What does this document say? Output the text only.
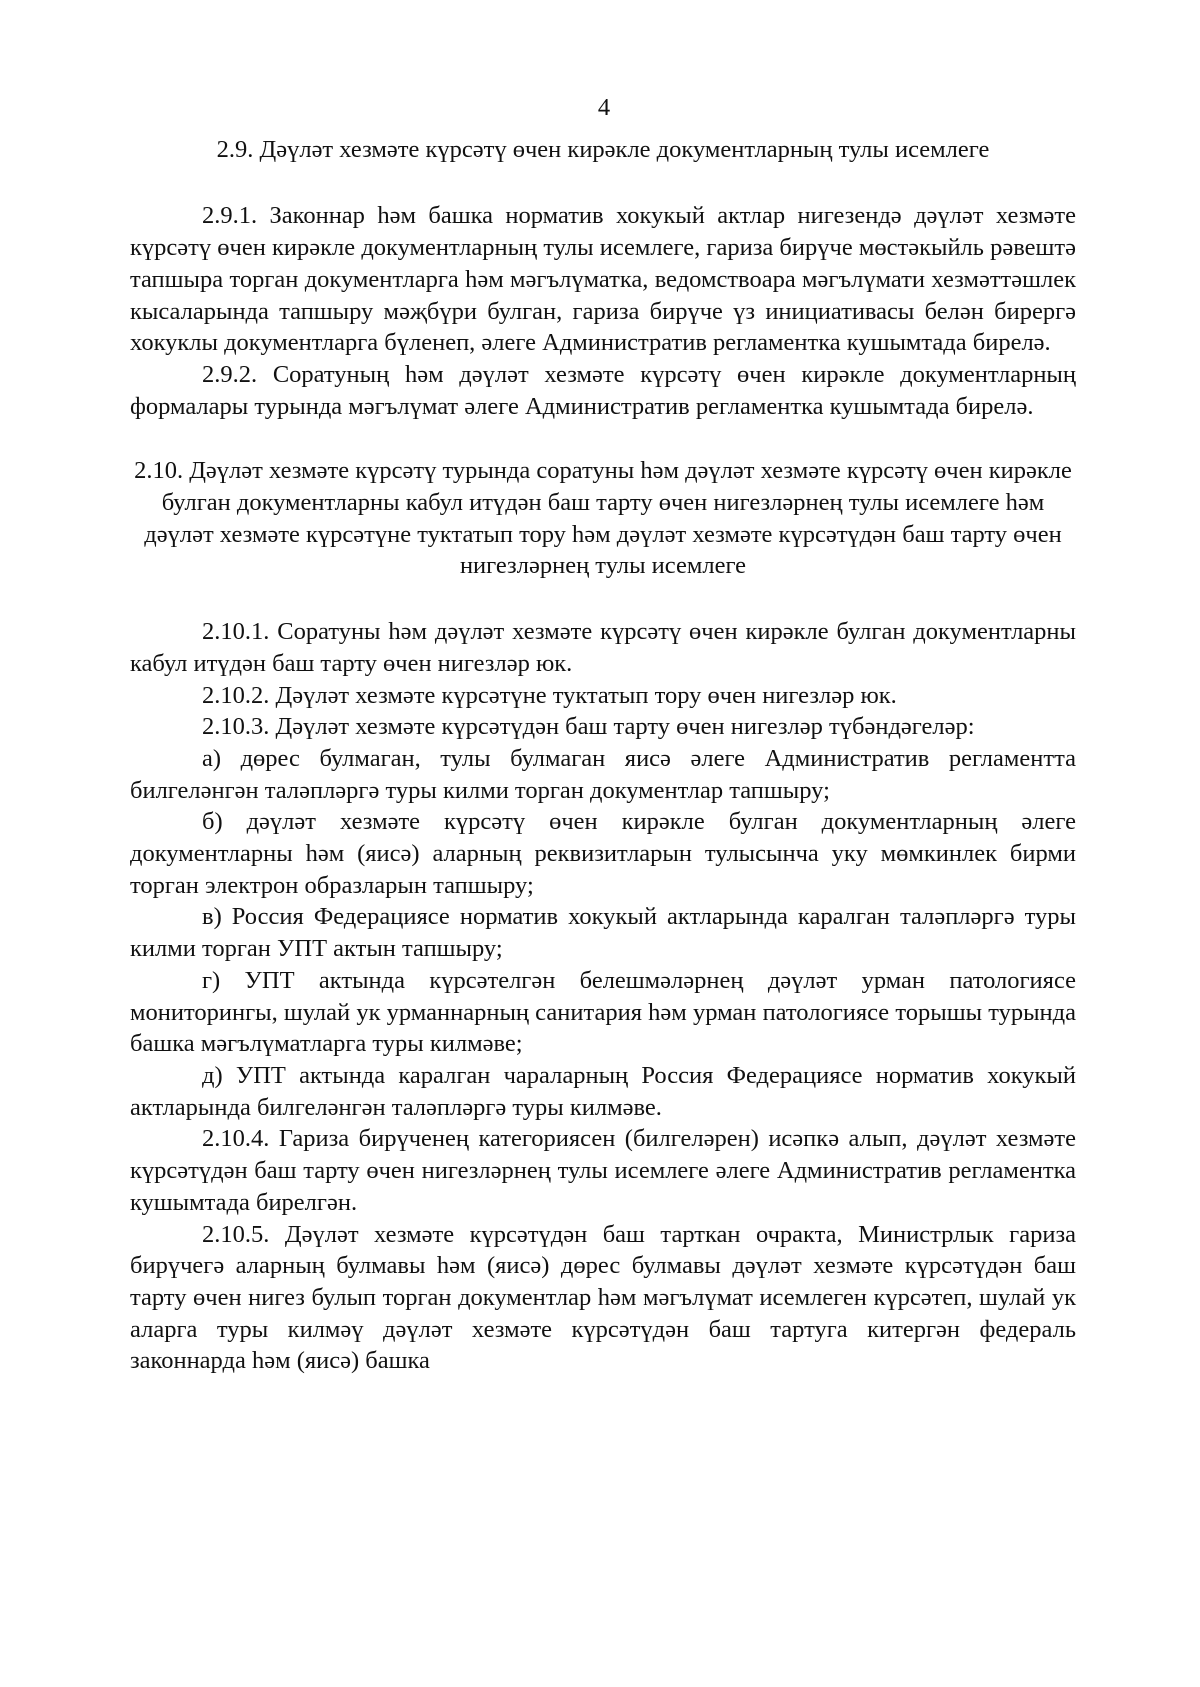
4
2.9. Дәүләт хезмәте күрсәтү өчен кирәкле документларның тулы исемлеге

2.9.1. Законнар һәм башка норматив хокукый актлар нигезендә дәүләт хезмәте күрсәтү өчен кирәкле документларның тулы исемлеге, гариза бирүче мөстәкыйль рәвештә тапшыра торган документларга һәм мәгълүматка, ведомствоара мәгълүмати хезмәттәшлек кысаларында тапшыру мәҗбүри булган, гариза бирүче үз инициативасы белән бирергә хокуклы документларга бүленеп, әлеге Административ регламентка кушымтада бирелә.

2.9.2. Соратуның һәм дәүләт хезмәте күрсәтү өчен кирәкле документларның формалары турында мәгълүмат әлеге Административ регламентка кушымтада бирелә.

2.10. Дәүләт хезмәте күрсәтү турында соратуны һәм дәүләт хезмәте күрсәтү өчен кирәкле булган документларны кабул итүдән баш тарту өчен нигезләрнең тулы исемлеге һәм дәүләт хезмәте күрсәтүне туктатып тору һәм дәүләт хезмәте күрсәтүдән баш тарту өчен нигезләрнең тулы исемлеге

2.10.1. Соратуны һәм дәүләт хезмәте күрсәтү өчен кирәкле булган документларны кабул итүдән баш тарту өчен нигезләр юк.

2.10.2. Дәүләт хезмәте күрсәтүне туктатып тору өчен нигезләр юк.

2.10.3. Дәүләт хезмәте күрсәтүдән баш тарту өчен нигезләр түбәндәгеләр:

а) дөрес булмаган, тулы булмаган яисә әлеге Административ регламентта билгеләнгән таләпләргә туры килми торган документлар тапшыру;

б) дәүләт хезмәте күрсәтү өчен кирәкле булган документларның әлеге документларны һәм (яисә) аларның реквизитларын тулысынча уку мөмкинлек бирми торган электрон образларын тапшыру;

в) Россия Федерациясе норматив хокукый актларында каралган таләпләргә туры килми торган УПТ актын тапшыру;

г) УПТ актында күрсәтелгән белешмәләрнең дәүләт урман патологиясе мониторингы, шулай ук урманнарның санитария һәм урман патологиясе торышы турында башка мәгълүматларга туры килмәве;

д) УПТ актында каралган чараларның Россия Федерациясе норматив хокукый актларында билгеләнгән таләпләргә туры килмәве.

2.10.4. Гариза бирүченең категориясен (билгеләрен) исәпкә алып, дәүләт хезмәте күрсәтүдән баш тарту өчен нигезләрнең тулы исемлеге әлеге Административ регламентка кушымтада бирелгән.

2.10.5. Дәүләт хезмәте күрсәтүдән баш тарткан очракта, Министрлык гариза бирүчегә аларның булмавы һәм (яисә) дөрес булмавы дәүләт хезмәте күрсәтүдән баш тарту өчен нигез булып торган документлар һәм мәгълүмат исемлеген күрсәтеп, шулай ук аларга туры килмәү дәүләт хезмәте күрсәтүдән баш тартуга китергән федераль законнарда һәм (яисә) башка
